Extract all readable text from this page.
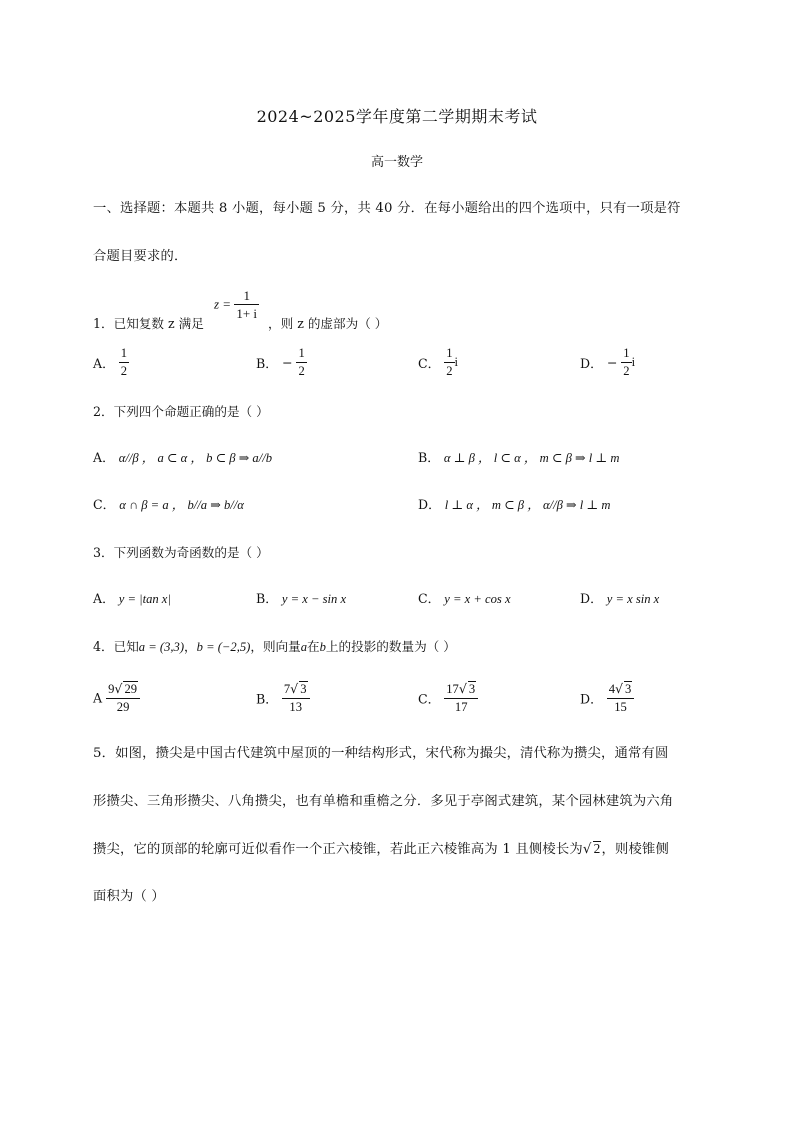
2024~2025学年度第二学期期末考试
高一数学
一、选择题：本题共 8 小题，每小题 5 分，共 40 分．在每小题给出的四个选项中，只有一项是符
合题目要求的．
1．已知复数 z 满足
$z = \frac{1}{1+ i}$
，则 z 的虚部为（ ）
A． $\frac{1}{2}$	B． − $\frac{1}{2}$	C． $\frac{1}{2}$ i	D． − $\frac{1}{2}$ i
2．下列四个命题正确的是（ ）
A． α//β ， a ⊂ α ， b ⊂ β ⇒ a//b	B． α ⊥ β ， l ⊂ α ， m ⊂ β ⇒ l ⊥ m
C． α ∩ β = a ， b//a ⇒ b//α	D． l ⊥ α ， m ⊂ β ， α//β ⇒ l ⊥ m
3．下列函数为奇函数的是（ ）
A． y = |tan x|	B． y = x − sin x	C． y = x + cos x	D． y = x sin x
4．已知a = (3,3)，b = (−2,5)，则向量a在b上的投影的数量为（ ）
A $\frac{9√ 29}{29}$	B． $\frac{7√ 3}{13}$	C． $\frac{17√ 3}{17}$	D． $\frac{4√ 3}{15}$
5．如图，攒尖是中国古代建筑中屋顶的一种结构形式，宋代称为撮尖，清代称为攒尖，通常有圆
形攒尖、三角形攒尖、八角攒尖，也有单檐和重檐之分．多见于亭阁式建筑，某个园林建筑为六角
攒尖，它的顶部的轮廓可近似看作一个正六棱锥，若此正六棱锥高为 1 且侧棱长为√ 2，则棱锥侧
面积为（ ）
